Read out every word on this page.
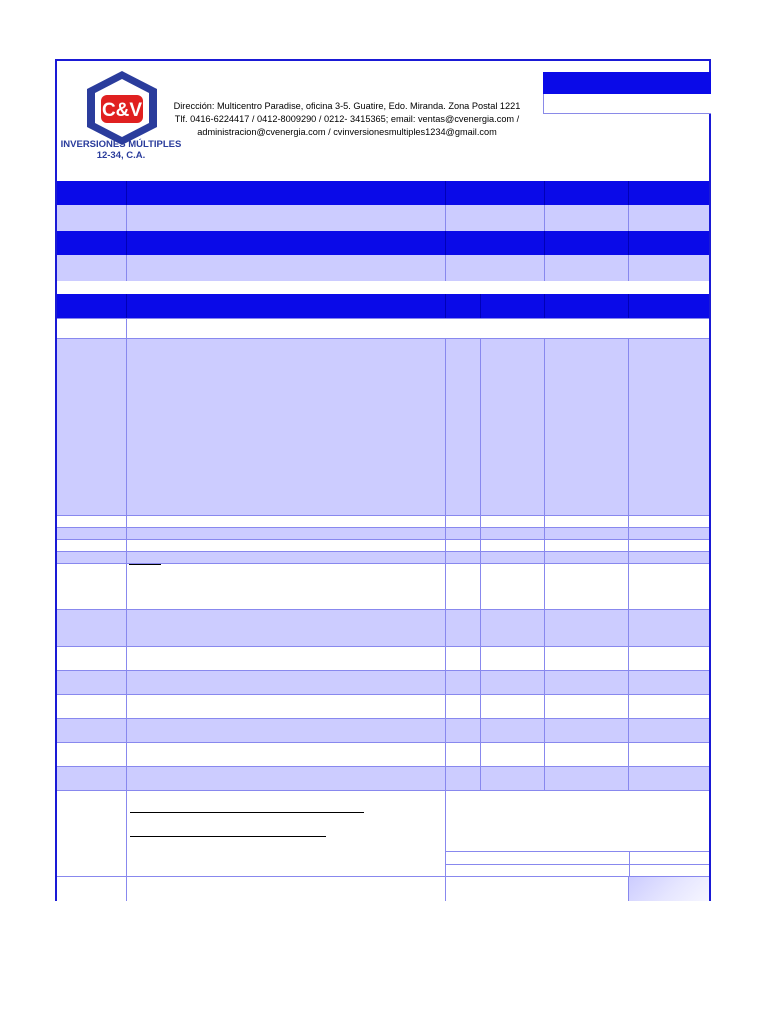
C&V
INVERSIONES MÚLTIPLES
12-34, C.A.
Dirección: Multicentro Paradise, oficina 3-5. Guatire, Edo. Miranda. Zona Postal 1221
Tlf. 0416-6224417 / 0412-8009290 / 0212- 3415365; email: ventas@cvenergia.com /
administracion@cvenergia.com / cvinversionesmultiples1234@gmail.com
